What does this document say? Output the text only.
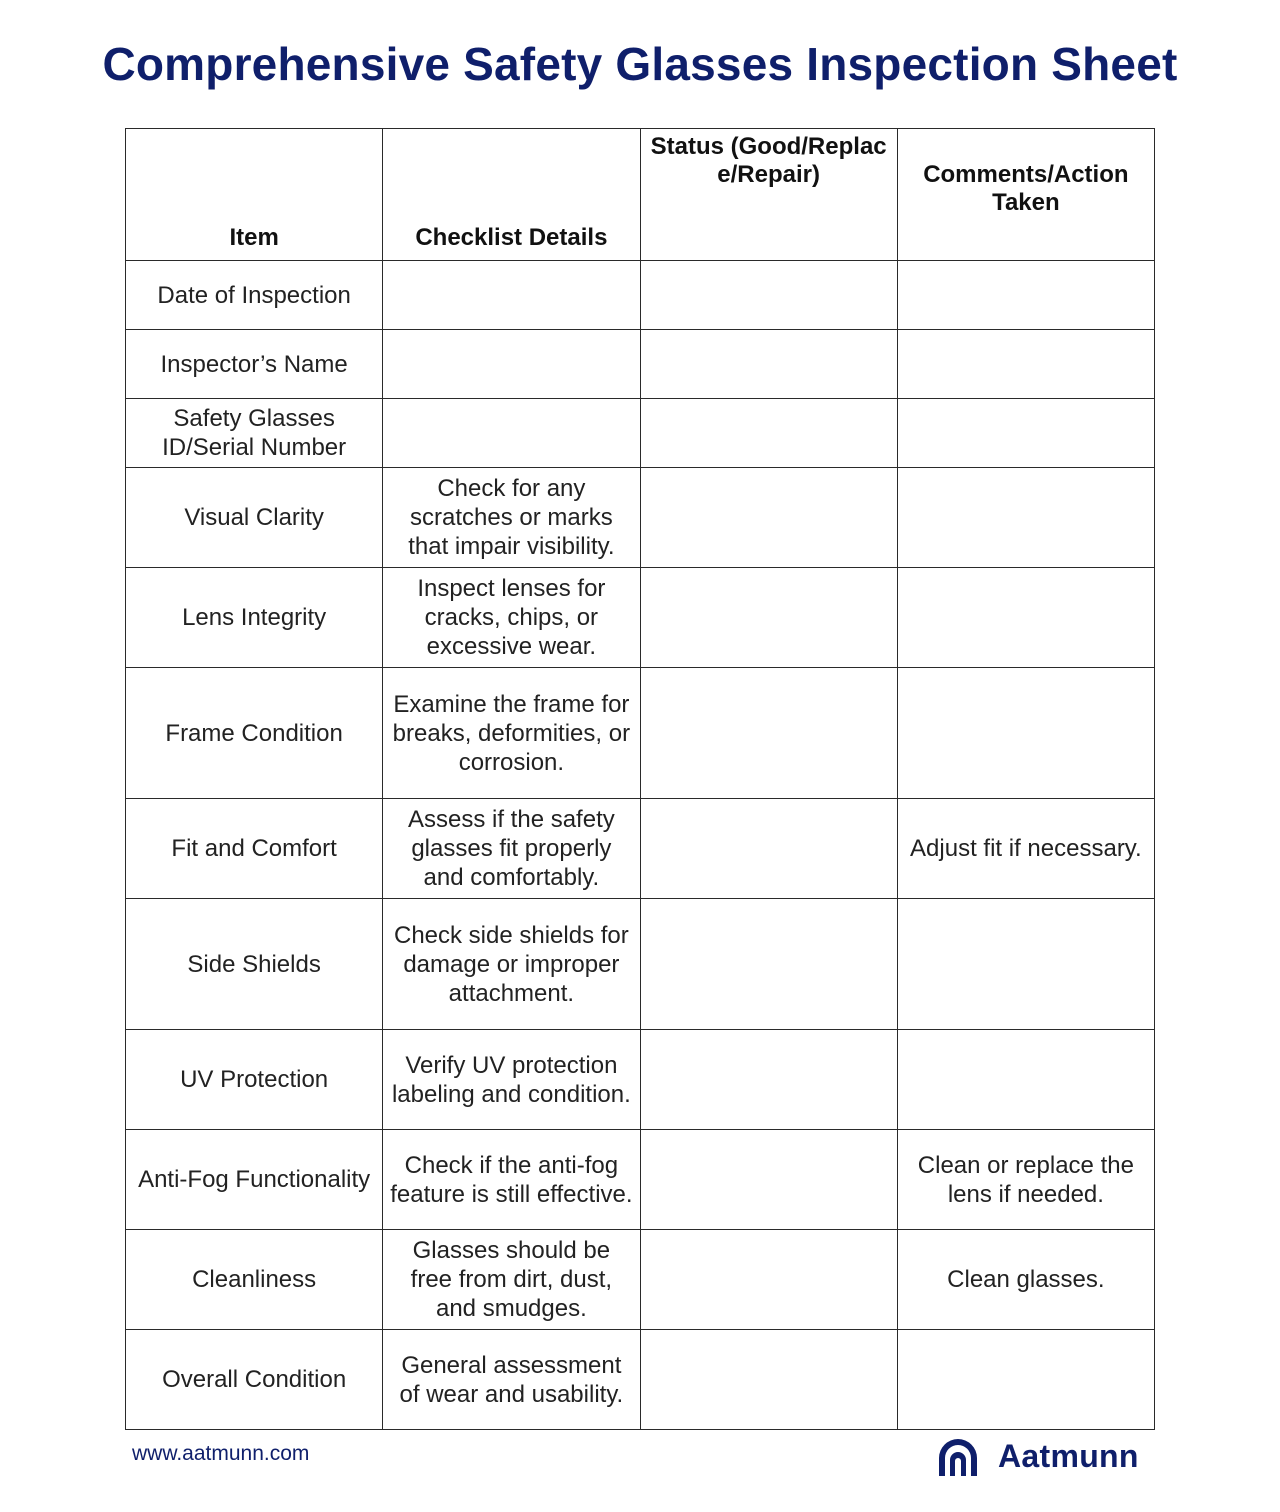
Comprehensive Safety Glasses Inspection Sheet
Item	Checklist Details	Status (Good/Replace/Repair)	Comments/Action Taken
Date of Inspection			
Inspector’s Name			
Safety Glasses ID/Serial Number			
Visual Clarity	Check for any scratches or marks that impair visibility.		
Lens Integrity	Inspect lenses for cracks, chips, or excessive wear.		
Frame Condition	Examine the frame for breaks, deformities, or corrosion.		
Fit and Comfort	Assess if the safety glasses fit properly and comfortably.		Adjust fit if necessary.
Side Shields	Check side shields for damage or improper attachment.		
UV Protection	Verify UV protection labeling and condition.		
Anti-Fog Functionality	Check if the anti-fog feature is still effective.		Clean or replace the lens if needed.
Cleanliness	Glasses should be free from dirt, dust, and smudges.		Clean glasses.
Overall Condition	General assessment of wear and usability.		
www.aatmunn.com	Aatmunn
